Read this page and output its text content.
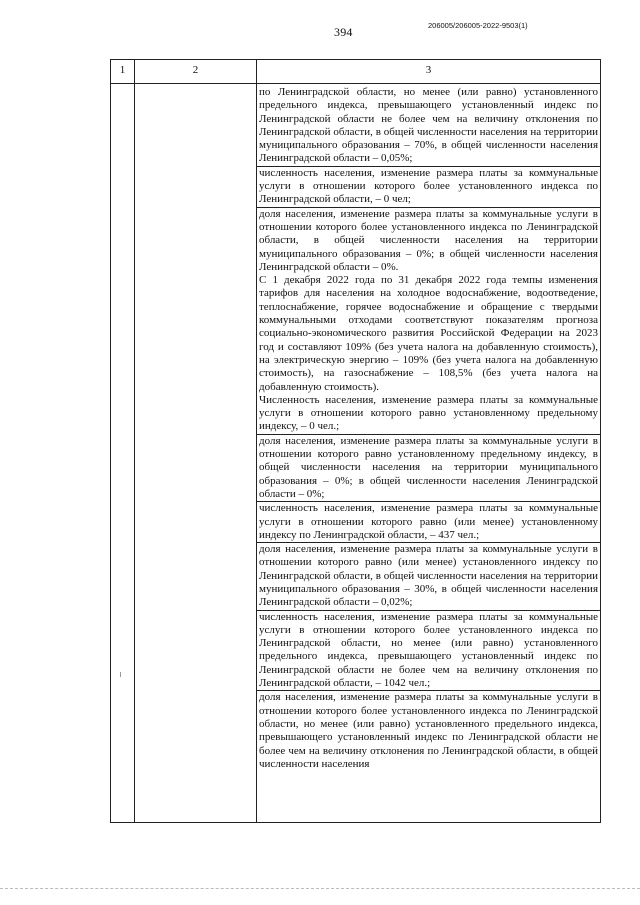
394	206005/206005-2022-9503(1)
1	2	3

по Ленинградской области, но менее (или равно) установленного предельного индекса, превышающего установленный индекс по Ленинградской области не более чем на величину отклонения по Ленинградской области, в общей численности населения на территории муниципального образования – 70%, в общей численности населения Ленинградской области – 0,05%;

численность населения, изменение размера платы за коммунальные услуги в отношении которого более установленного индекса по Ленинградской области, – 0 чел;

доля населения, изменение размера платы за коммунальные услуги в отношении которого более установленного индекса по Ленинградской области, в общей численности населения на территории муниципального образования – 0%; в общей численности населения Ленинградской области – 0%.

С 1 декабря 2022 года по 31 декабря 2022 года темпы изменения тарифов для населения на холодное водоснабжение, водоотведение, теплоснабжение, горячее водоснабжение и обращение с твердыми коммунальными отходами соответствуют показателям прогноза социально-экономического развития Российской Федерации на 2023 год и составляют 109% (без учета налога на добавленную стоимость), на электрическую энергию – 109% (без учета налога на добавленную стоимость), на газоснабжение – 108,5% (без учета налога на добавленную стоимость).

Численность населения, изменение размера платы за коммунальные услуги в отношении которого равно установленному предельному индексу, – 0 чел.;

доля населения, изменение размера платы за коммунальные услуги в отношении которого равно установленному предельному индексу, в общей численности населения на территории муниципального образования – 0%; в общей численности населения Ленинградской области – 0%;

численность населения, изменение размера платы за коммунальные услуги в отношении которого равно (или менее) установленному индексу по Ленинградской области, – 437 чел.;

доля населения, изменение размера платы за коммунальные услуги в отношении которого равно (или менее) установленного индексу по Ленинградской области, в общей численности населения на территории муниципального образования – 30%, в общей численности населения Ленинградской области – 0,02%;

численность населения, изменение размера платы за коммунальные услуги в отношении которого более установленного индекса по Ленинградской области, но менее (или равно) установленного предельного индекса, превышающего установленный индекс по Ленинградской области не более чем на величину отклонения по Ленинградской области, – 1042 чел.;

доля населения, изменение размера платы за коммунальные услуги в отношении которого более установленного индекса по Ленинградской области, но менее (или равно) установленного предельного индекса, превышающего установленный индекс по Ленинградской области не более чем на величину отклонения по Ленинградской области, в общей численности населения
